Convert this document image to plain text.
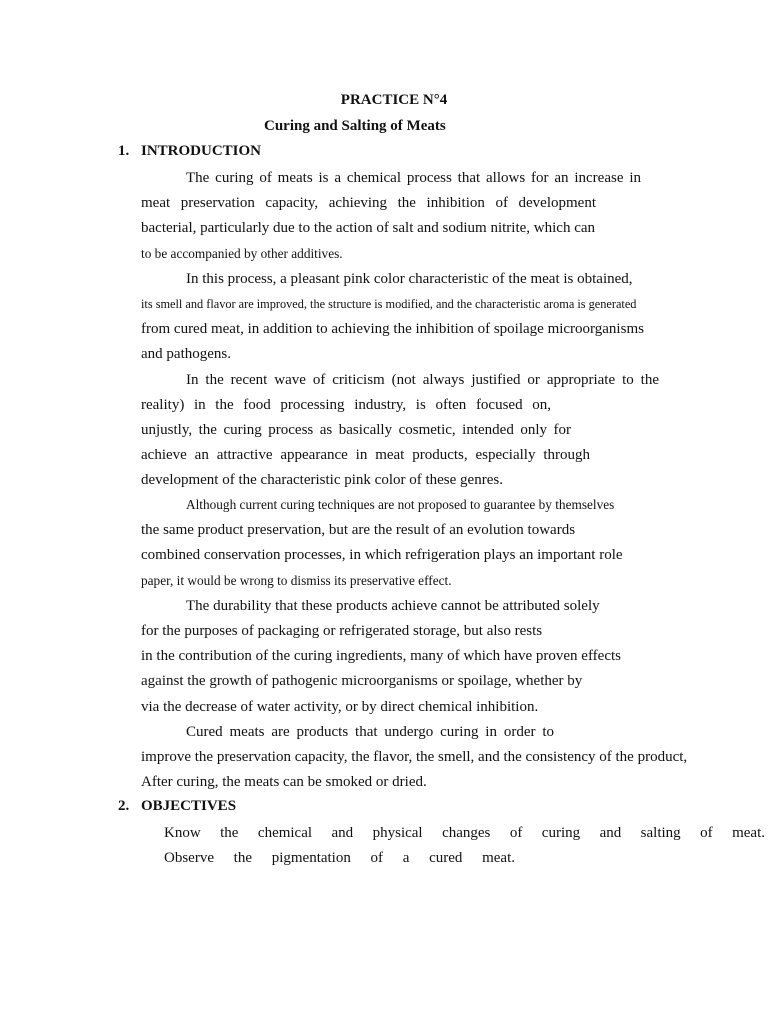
PRACTICE N°4
Curing and Salting of Meats
1. INTRODUCTION
The curing of meats is a chemical process that allows for an increase in
meat preservation capacity, achieving the inhibition of development
bacterial, particularly due to the action of salt and sodium nitrite, which can
to be accompanied by other additives.
In this process, a pleasant pink color characteristic of the meat is obtained,
its smell and flavor are improved, the structure is modified, and the characteristic aroma is generated
from cured meat, in addition to achieving the inhibition of spoilage microorganisms
and pathogens.
In the recent wave of criticism (not always justified or appropriate to the
reality) in the food processing industry, is often focused on,
unjustly, the curing process as basically cosmetic, intended only for
achieve an attractive appearance in meat products, especially through
development of the characteristic pink color of these genres.
Although current curing techniques are not proposed to guarantee by themselves
the same product preservation, but are the result of an evolution towards
combined conservation processes, in which refrigeration plays an important role
paper, it would be wrong to dismiss its preservative effect.
The durability that these products achieve cannot be attributed solely
for the purposes of packaging or refrigerated storage, but also rests
in the contribution of the curing ingredients, many of which have proven effects
against the growth of pathogenic microorganisms or spoilage, whether by
via the decrease of water activity, or by direct chemical inhibition.
Cured meats are products that undergo curing in order to
improve the preservation capacity, the flavor, the smell, and the consistency of the product,
After curing, the meats can be smoked or dried.
2. OBJECTIVES
Know the chemical and physical changes of curing and salting of meat.
Observe the pigmentation of a cured meat.
